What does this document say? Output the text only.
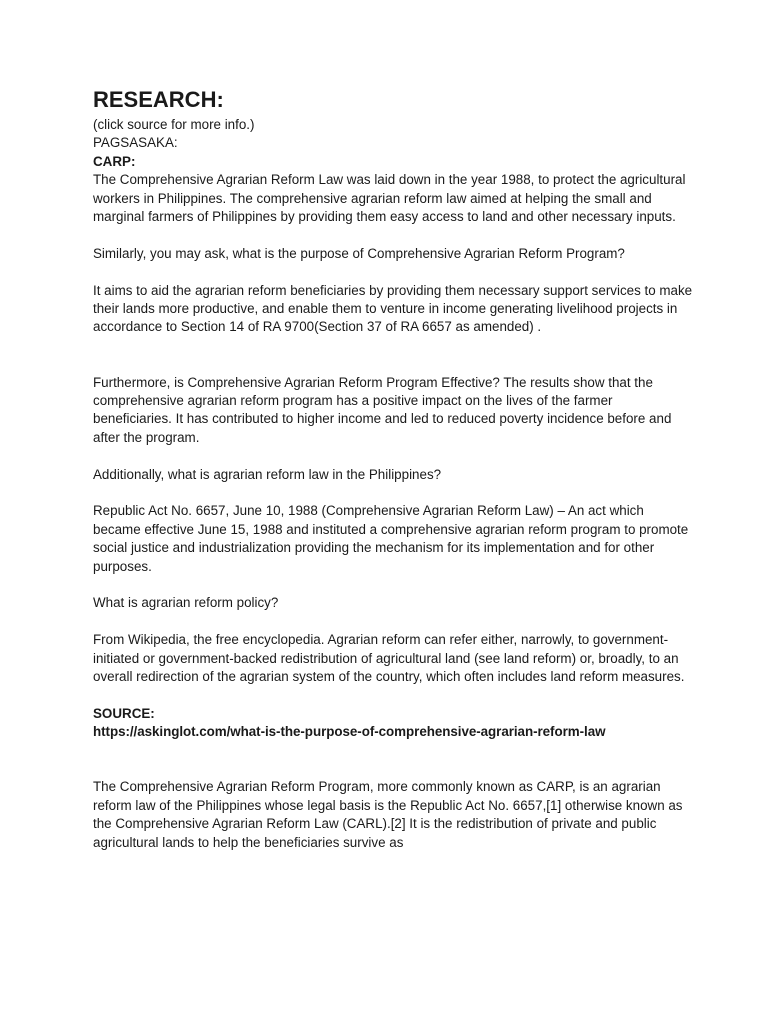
RESEARCH:

(click source for more info.)

PAGSASAKA:

CARP:

The Comprehensive Agrarian Reform Law was laid down in the year 1988, to protect the agricultural workers in Philippines. The comprehensive agrarian reform law aimed at helping the small and marginal farmers of Philippines by providing them easy access to land and other necessary inputs.

Similarly, you may ask, what is the purpose of Comprehensive Agrarian Reform Program?

It aims to aid the agrarian reform beneficiaries by providing them necessary support services to make their lands more productive, and enable them to venture in income generating livelihood projects in accordance to Section 14 of RA 9700(Section 37 of RA 6657 as amended) .

Furthermore, is Comprehensive Agrarian Reform Program Effective? The results show that the comprehensive agrarian reform program has a positive impact on the lives of the farmer beneficiaries. It has contributed to higher income and led to reduced poverty incidence before and after the program.

Additionally, what is agrarian reform law in the Philippines?

Republic Act No. 6657, June 10, 1988 (Comprehensive Agrarian Reform Law) – An act which became effective June 15, 1988 and instituted a comprehensive agrarian reform program to promote social justice and industrialization providing the mechanism for its implementation and for other purposes.

What is agrarian reform policy?

From Wikipedia, the free encyclopedia. Agrarian reform can refer either, narrowly, to government-initiated or government-backed redistribution of agricultural land (see land reform) or, broadly, to an overall redirection of the agrarian system of the country, which often includes land reform measures.

SOURCE:

https://askinglot.com/what-is-the-purpose-of-comprehensive-agrarian-reform-law

The Comprehensive Agrarian Reform Program, more commonly known as CARP, is an agrarian reform law of the Philippines whose legal basis is the Republic Act No. 6657,[1] otherwise known as the Comprehensive Agrarian Reform Law (CARL).[2] It is the redistribution of private and public agricultural lands to help the beneficiaries survive as
